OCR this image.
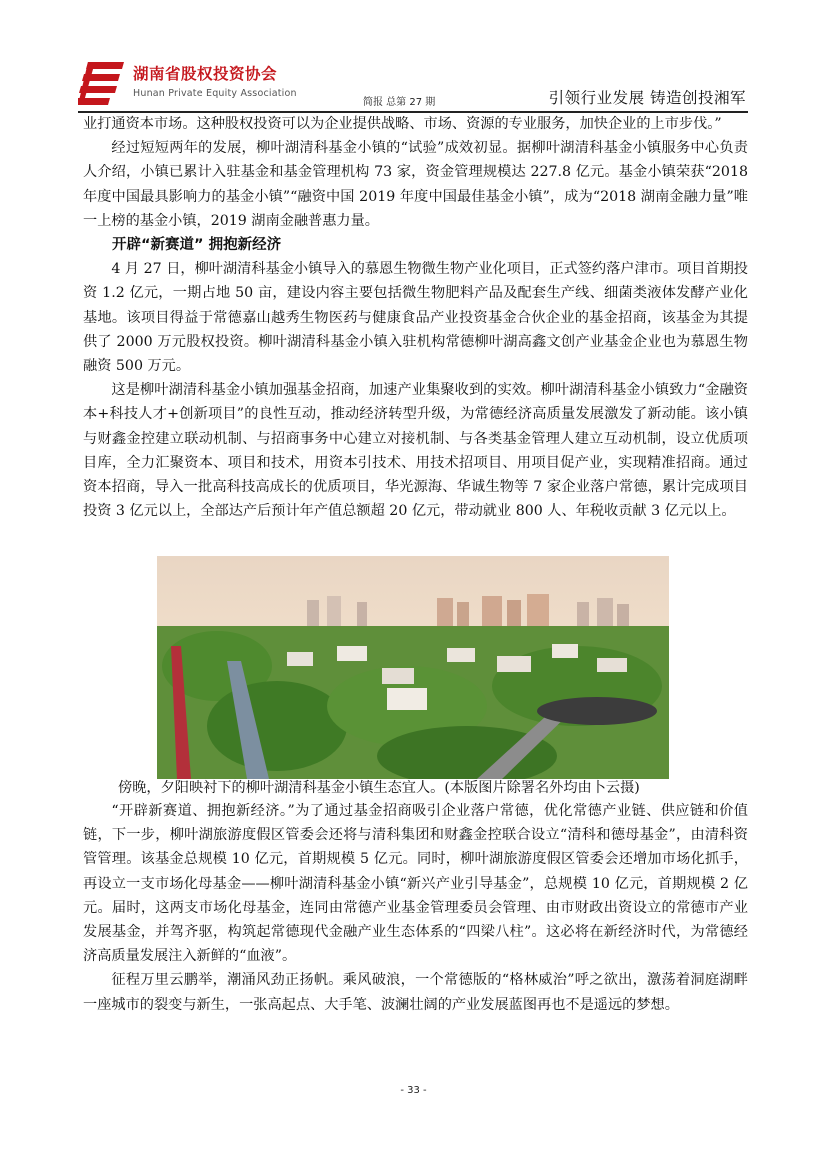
湖南省股权投资协会
Hunan Private Equity Association
简报 总第 27 期	引领行业发展 铸造创投湘军

业打通资本市场。这种股权投资可以为企业提供战略、市场、资源的专业服务，加快企业的上市步伐。”

经过短短两年的发展，柳叶湖清科基金小镇的“试验”成效初显。据柳叶湖清科基金小镇服务中心负责人介绍，小镇已累计入驻基金和基金管理机构 73 家，资金管理规模达 227.8 亿元。基金小镇荣获“2018 年度中国最具影响力的基金小镇”“融资中国 2019 年度中国最佳基金小镇”，成为“2018 湖南金融力量”唯一上榜的基金小镇，2019 湖南金融普惠力量。

开辟“新赛道” 拥抱新经济

4 月 27 日，柳叶湖清科基金小镇导入的慕恩生物微生物产业化项目，正式签约落户津市。项目首期投资 1.2 亿元，一期占地 50 亩，建设内容主要包括微生物肥料产品及配套生产线、细菌类液体发酵产业化基地。该项目得益于常德嘉山越秀生物医药与健康食品产业投资基金合伙企业的基金招商，该基金为其提供了 2000 万元股权投资。柳叶湖清科基金小镇入驻机构常德柳叶湖高鑫文创产业基金企业也为慕恩生物融资 500 万元。

这是柳叶湖清科基金小镇加强基金招商，加速产业集聚收到的实效。柳叶湖清科基金小镇致力“金融资本+科技人才+创新项目”的良性互动，推动经济转型升级，为常德经济高质量发展激发了新动能。该小镇与财鑫金控建立联动机制、与招商事务中心建立对接机制、与各类基金管理人建立互动机制，设立优质项目库，全力汇聚资本、项目和技术，用资本引技术、用技术招项目、用项目促产业，实现精准招商。通过资本招商，导入一批高科技高成长的优质项目，华光源海、华诚生物等 7 家企业落户常德，累计完成项目投资 3 亿元以上，全部达产后预计年产值总额超 20 亿元，带动就业 800 人、年税收贡献 3 亿元以上。

傍晚，夕阳映衬下的柳叶湖清科基金小镇生态宜人。(本版图片除署名外均由卜云摄)

“开辟新赛道、拥抱新经济。”为了通过基金招商吸引企业落户常德，优化常德产业链、供应链和价值链，下一步，柳叶湖旅游度假区管委会还将与清科集团和财鑫金控联合设立“清科和德母基金”，由清科资管管理。该基金总规模 10 亿元，首期规模 5 亿元。同时，柳叶湖旅游度假区管委会还增加市场化抓手，再设立一支市场化母基金——柳叶湖清科基金小镇“新兴产业引导基金”，总规模 10 亿元，首期规模 2 亿元。届时，这两支市场化母基金，连同由常德产业基金管理委员会管理、由市财政出资设立的常德市产业发展基金，并驾齐驱，构筑起常德现代金融产业生态体系的“四梁八柱”。这必将在新经济时代，为常德经济高质量发展注入新鲜的“血液”。

征程万里云鹏举，潮涌风劲正扬帆。乘风破浪，一个常德版的“格林威治”呼之欲出，激荡着洞庭湖畔一座城市的裂变与新生，一张高起点、大手笔、波澜壮阔的产业发展蓝图再也不是遥远的梦想。

- 33 -
